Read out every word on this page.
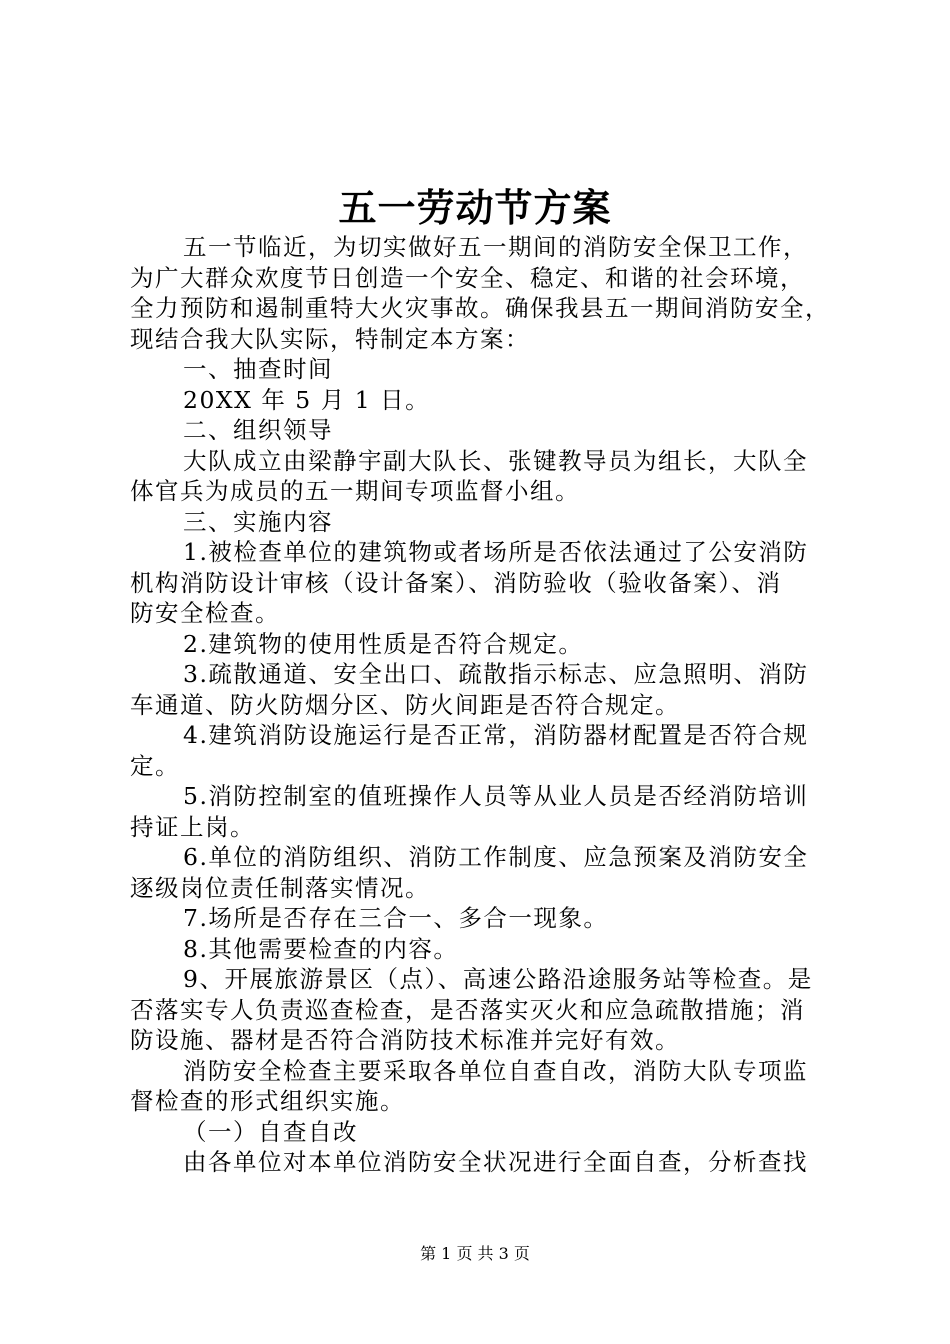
五一劳动节方案

五一节临近，为切实做好五一期间的消防安全保卫工作，
为广大群众欢度节日创造一个安全、稳定、和谐的社会环境，
全力预防和遏制重特大火灾事故。确保我县五一期间消防安全，
现结合我大队实际，特制定本方案：

一、抽查时间

20XX 年 5 月 1 日。

二、组织领导

大队成立由梁静宇副大队长、张键教导员为组长，大队全
体官兵为成员的五一期间专项监督小组。

三、实施内容

1.被检查单位的建筑物或者场所是否依法通过了公安消防
机构消防设计审核（设计备案）、消防验收（验收备案）、消
防安全检查。

2.建筑物的使用性质是否符合规定。

3.疏散通道、安全出口、疏散指示标志、应急照明、消防
车通道、防火防烟分区、防火间距是否符合规定。

4.建筑消防设施运行是否正常，消防器材配置是否符合规
定。

5.消防控制室的值班操作人员等从业人员是否经消防培训
持证上岗。

6.单位的消防组织、消防工作制度、应急预案及消防安全
逐级岗位责任制落实情况。

7.场所是否存在三合一、多合一现象。

8.其他需要检查的内容。

9、开展旅游景区（点）、高速公路沿途服务站等检查。是
否落实专人负责巡查检查，是否落实灭火和应急疏散措施；消
防设施、器材是否符合消防技术标准并完好有效。

消防安全检查主要采取各单位自查自改，消防大队专项监
督检查的形式组织实施。

（一）自查自改

由各单位对本单位消防安全状况进行全面自查，分析查找

第 1 页 共 3 页
